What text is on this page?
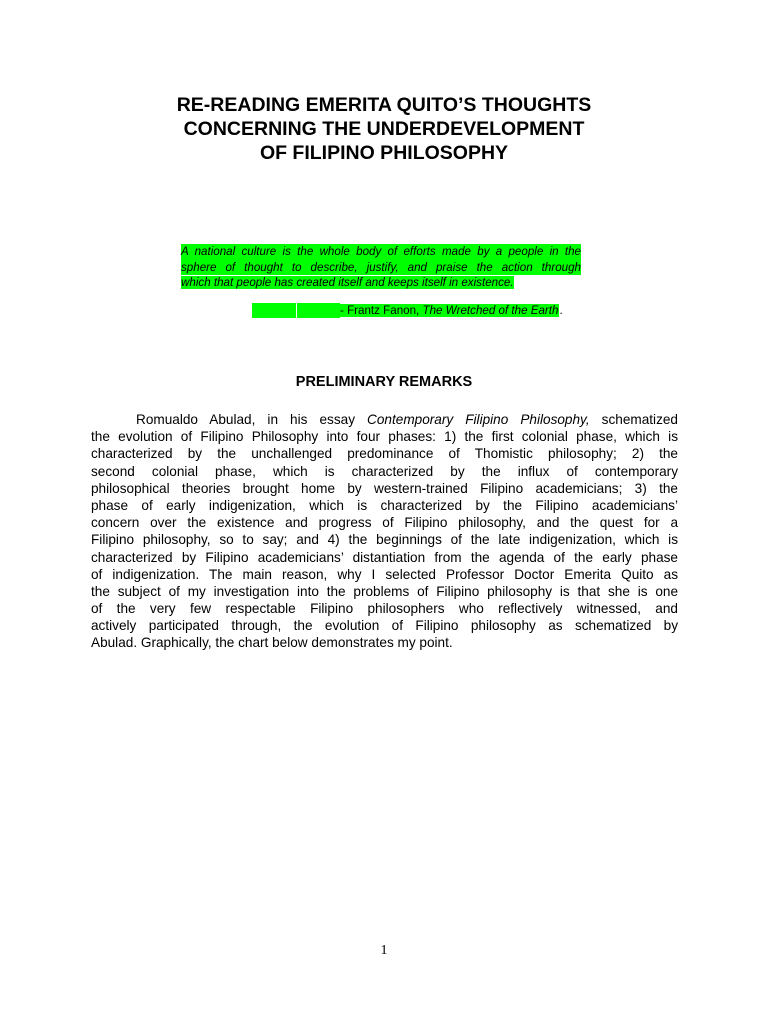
RE-READING EMERITA QUITO’S THOUGHTS
CONCERNING THE UNDERDEVELOPMENT
OF FILIPINO PHILOSOPHY
A national culture is the whole body of efforts made by a people in the
sphere of thought to describe, justify, and praise the action through
which that people has created itself and keeps itself in existence.
- Frantz Fanon, The Wretched of the Earth.
PRELIMINARY REMARKS
Romualdo Abulad, in his essay Contemporary Filipino Philosophy, schematized
the evolution of Filipino Philosophy into four phases: 1) the first colonial phase, which is
characterized by the unchallenged predominance of Thomistic philosophy; 2) the
second colonial phase, which is characterized by the influx of contemporary
philosophical theories brought home by western-trained Filipino academicians; 3) the
phase of early indigenization, which is characterized by the Filipino academicians’
concern over the existence and progress of Filipino philosophy, and the quest for a
Filipino philosophy, so to say; and 4) the beginnings of the late indigenization, which is
characterized by Filipino academicians’ distantiation from the agenda of the early phase
of indigenization. The main reason, why I selected Professor Doctor Emerita Quito as
the subject of my investigation into the problems of Filipino philosophy is that she is one
of the very few respectable Filipino philosophers who reflectively witnessed, and
actively participated through, the evolution of Filipino philosophy as schematized by
Abulad. Graphically, the chart below demonstrates my point.
1
